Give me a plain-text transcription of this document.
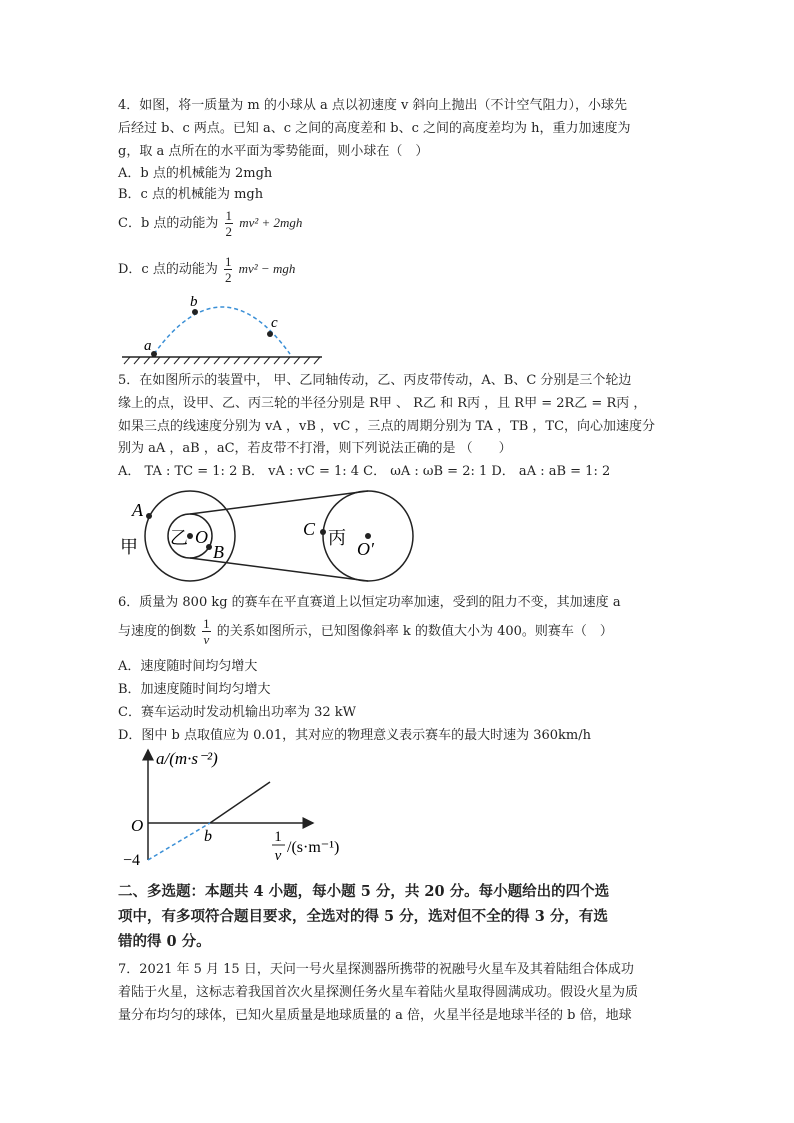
4．如图，将一质量为 m 的小球从 a 点以初速度 v 斜向上抛出（不计空气阻力），小球先
后经过 b、c 两点。已知 a、c 之间的高度差和 b、c 之间的高度差均为 h，重力加速度为
g，取 a 点所在的水平面为零势能面，则小球在（　）
A．b 点的机械能为 2mgh
B．c 点的机械能为 mgh
C．b 点的动能为 $\frac{1}{2} mv^2 + 2mgh$
D．c 点的动能为 $\frac{1}{2} mv^2$ − mgh
a
b
c
5．在如图所示的装置中， 甲、乙同轴传动，乙、丙皮带传动，A、B、C 分别是三个轮边
缘上的点，设甲、乙、丙三轮的半径分别是 R甲 、 R乙 和 R丙 ，且 R甲 = 2R乙 = R丙 ，
如果三点的线速度分别为 vA ，vB ，vC ，三点的周期分别为 TA ，TB ，TC，向心加速度分
别为 aA ，aB ，aC，若皮带不打滑，则下列说法正确的是 （　　）
A． TA : TC = 1: 2 B． vA : vC = 1: 4 C． ωA : ωB = 2: 1 D． aA : aB = 1: 2
A
B
C
O
O′
甲 乙	丙
6．质量为 800 kg 的赛车在平直赛道上以恒定功率加速，受到的阻力不变，其加速度 a
与速度的倒数 $\frac{1}{v}$ 的关系如图所示，已知图像斜率 k 的数值大小为 400。则赛车（　）
A．速度随时间均匀增大
B．加速度随时间均匀增大
C．赛车运动时发动机输出功率为 32 kW
D．图中 b 点取值应为 0.01，其对应的物理意义表示赛车的最大时速为 360km/h
a/(m·s⁻²)
O
b
−4
1
v /(s·m⁻¹)
二、多选题：本题共 4 小题，每小题 5 分，共 20 分。每小题给出的四个选
项中，有多项符合题目要求，全选对的得 5 分，选对但不全的得 3 分，有选
错的得 0 分。
7．2021 年 5 月 15 日，天问一号火星探测器所携带的祝融号火星车及其着陆组合体成功
着陆于火星，这标志着我国首次火星探测任务火星车着陆火星取得圆满成功。假设火星为质
量分布均匀的球体，已知火星质量是地球质量的 a 倍，火星半径是地球半径的 b 倍，地球
